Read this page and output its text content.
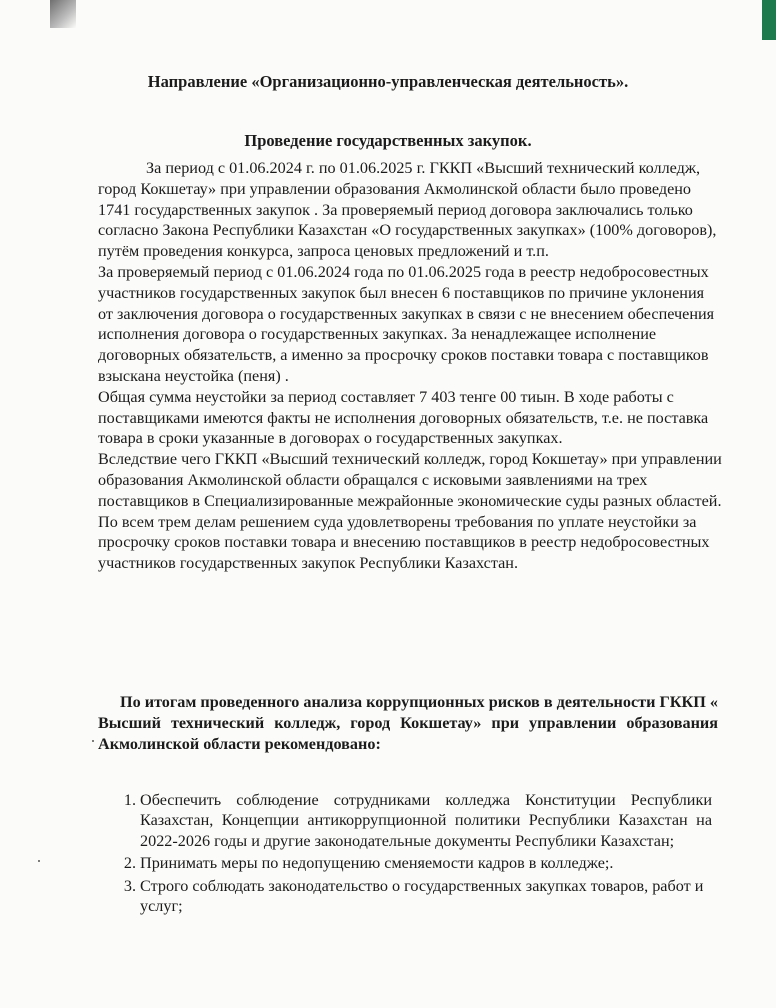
Направление «Организационно-управленческая деятельность».
Проведение государственных закупок.

За период с 01.06.2024 г. по 01.06.2025 г. ГККП «Высший технический колледж, город Кокшетау» при управлении образования Акмолинской области было проведено 1741 государственных закупок . За проверяемый период договора заключались только согласно Закона Республики Казахстан «О государственных закупках» (100% договоров), путём проведения конкурса, запроса ценовых предложений и т.п.

За проверяемый период с 01.06.2024 года по 01.06.2025 года в реестр недобросовестных участников государственных закупок был внесен 6 поставщиков по причине уклонения от заключения договора о государственных закупках в связи с не внесением обеспечения исполнения договора о государственных закупках. За ненадлежащее исполнение договорных обязательств, а именно за просрочку сроков поставки товара с поставщиков взыскана неустойка (пеня) .

Общая сумма неустойки за период составляет 7 403 тенге 00 тиын. В ходе работы с поставщиками имеются факты не исполнения договорных обязательств, т.е. не поставка товара в сроки указанные в договорах о государственных закупках.

Вследствие чего ГККП «Высший технический колледж, город Кокшетау» при управлении образования Акмолинской области обращался с исковыми заявлениями на трех поставщиков в Специализированные межрайонные экономические суды разных областей. По всем трем делам решением суда удовлетворены требования по уплате неустойки за просрочку сроков поставки товара и внесению поставщиков в реестр недобросовестных участников государственных закупок Республики Казахстан.

По итогам проведенного анализа коррупционных рисков в деятельности ГККП « Высший технический колледж, город Кокшетау» при управлении образования Акмолинской области рекомендовано:
1. Обеспечить соблюдение сотрудниками колледжа Конституции Республики Казахстан, Концепции антикоррупционной политики Республики Казахстан на 2022-2026 годы и другие законодательные документы Республики Казахстан;
2. Принимать меры по недопущению сменяемости кадров в колледже;.
3. Строго соблюдать законодательство о государственных закупках товаров, работ и услуг;
